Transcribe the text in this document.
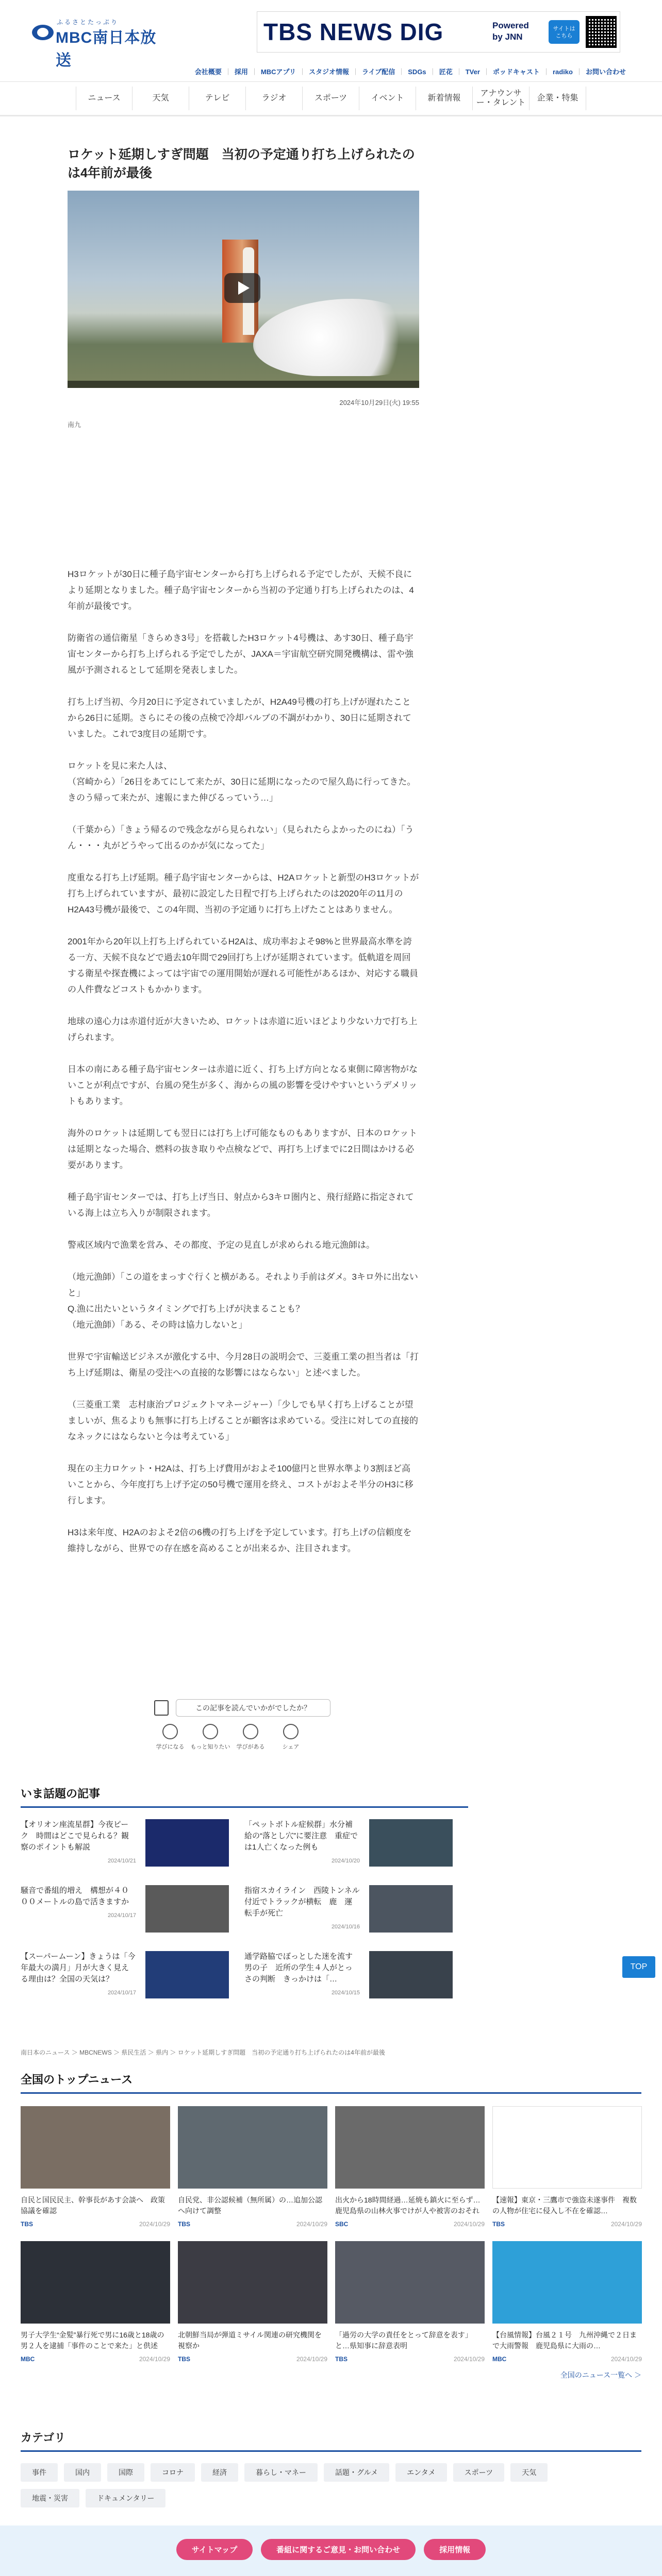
ふるさとたっぷり
MBC南日本放送
TBS NEWS DIG	Powered
by JNN
サイトは
こちら
会社概要	｜ 採用	｜ MBCアプリ	｜ スタジオ情報	｜ ライブ配信	｜ SDGs	｜ 匠花	｜ TVer	｜ ポッドキャスト	｜ radiko	｜ お問い合わせ
ニュース	天気	テレビ	ラジオ	スポーツ	イベント	新着情報
アナウンサー・タレント
企業・特集
ロケット延期しすぎ問題　当初の予定通り打ち上げられたのは4年前が最後
2024年10月29日(火) 19:55
南九

H3ロケットが30日に種子島宇宙センターから打ち上げられる予定でしたが、天候不良により延期となりました。種子島宇宙センターから当初の予定通り打ち上げられたのは、4年前が最後です。

防衛省の通信衛星「きらめき3号」を搭載したH3ロケット4号機は、あす30日、種子島宇宙センターから打ち上げられる予定でしたが、JAXA＝宇宙航空研究開発機構は、雷や強風が予測されるとして延期を発表しました。

打ち上げ当初、今月20日に予定されていましたが、H2A49号機の打ち上げが遅れたことから26日に延期。さらにその後の点検で冷却バルブの不調がわかり、30日に延期されていました。これで3度目の延期です。

ロケットを見に来た人は、
（宮崎から）「26日をあてにして来たが、30日に延期になったので屋久島に行ってきた。きのう帰って来たが、速報にまた伸びるっていう…」

（千葉から）「きょう帰るので残念ながら見られない」（見られたらよかったのにね）「うん・・・丸がどうやって出るのかが気になってた」

度重なる打ち上げ延期。種子島宇宙センターからは、H2Aロケットと新型のH3ロケットが打ち上げられていますが、最初に設定した日程で打ち上げられたのは2020年の11月のH2A43号機が最後で、この4年間、当初の予定通りに打ち上げたことはありません。

2001年から20年以上打ち上げられているH2Aは、成功率およそ98%と世界最高水準を誇る一方、天候不良などで過去10年間で29回打ち上げが延期されています。低軌道を周回する衛星や探査機によっては宇宙での運用開始が遅れる可能性があるほか、対応する職員の人件費などコストもかかります。

地球の遠心力は赤道付近が大きいため、ロケットは赤道に近いほどより少ない力で打ち上げられます。

日本の南にある種子島宇宙センターは赤道に近く、打ち上げ方向となる東側に障害物がないことが利点ですが、台風の発生が多く、海からの風の影響を受けやすいというデメリットもあります。

海外のロケットは延期しても翌日には打ち上げ可能なものもありますが、日本のロケットは延期となった場合、燃料の抜き取りや点検などで、再打ち上げまでに2日間はかける必要があります。

種子島宇宙センターでは、打ち上げ当日、射点から3キロ圏内と、飛行経路に指定されている海上は立ち入りが制限されます。

警戒区域内で漁業を営み、その都度、予定の見直しが求められる地元漁師は。

（地元漁師）「この道をまっすぐ行くと横がある。それより手前はダメ。3キロ外に出ないと」
Q.漁に出たいというタイミングで打ち上げが決まることも？
（地元漁師）「ある、その時は協力しないと」

世界で宇宙輸送ビジネスが激化する中、今月28日の説明会で、三菱重工業の担当者は「打ち上げ延期は、衛星の受注への直接的な影響にはならない」と述べました。

（三菱重工業　志村康治プロジェクトマネージャー）「少しでも早く打ち上げることが望ましいが、焦るよりも無事に打ち上げることが顧客は求めている。受注に対しての直接的なネックにはならないと今は考えている」

現在の主力ロケット・H2Aは、打ち上げ費用がおよそ100億円と世界水準より3割ほど高いことから、今年度打ち上げ予定の50号機で運用を終え、コストがおよそ半分のH3に移行します。

H3は来年度、H2Aのおよそ2倍の6機の打ち上げを予定しています。打ち上げの信頼度を維持しながら、世界での存在感を高めることが出来るか、注目されます。

この記事を読んでいかがでしたか？
学びになる	もっと知りたい	学びがある	シェア
いま話題の記事
【オリオン座流星群】今夜ピーク　時間はどこで見られる？観察のポイントも解説
2024/10/21
「ペットボトル症候群」水分補給の“落とし穴”に要注意　重症では1人亡くなった例も
2024/10/20
騒音で番組的増え　構想が４０００メートルの島で活きますか
2024/10/17
指宿スカイライン　西陵トンネル付近でトラックが横転　鹿　運転手が死亡
2024/10/16
【スーパームーン】きょうは「今年最大の満月」月が大きく見える理由は？全国の天気は？
2024/10/17
通学路脇でぼっとした迷を流す男の子　近所の学生４人がとっさの判断　きっかけは「…
2024/10/15
TOP
南日本のニュース ＞ MBCNEWS ＞ 県民生活 ＞ 県内 ＞ ロケット延期しすぎ問題　当初の予定通り打ち上げられたのは4年前が最後
全国のトップニュース
自民と国民民主、幹事長があす会談へ　政策協議を確認
TBS	2024/10/29
自民党、非公認候補（無所属）の…追加公認へ向けて調整
TBS	2024/10/29
出火から18時間経過…延焼も鎮火に至らず…鹿児島県の山林火事でけが人や被害のおそれ
SBC	2024/10/29
【速報】東京・三鷹市で強盗未遂事件　複数の人物が住宅に侵入し不在を確認…
TBS	2024/10/29
男子大学生“金髪”暴行死で男に16歳と18歳の男２人を逮捕「事件のことで来た」と供述　
MBC	2024/10/29
北朝鮮当局が弾道ミサイル関連の研究機関を視察か
TBS	2024/10/29
「過労の大学の責任をとって辞意を表す」と…県知事に辞意表明
TBS	2024/10/29
【台風情報】台風２１号　九州沖縄で２日まで大雨警報　鹿児島県に大雨の…
MBC	2024/10/29
全国のニュース一覧へ ＞
カテゴリ
事件	国内	国際	コロナ	経済	暮らし・マネー	話題・グルメ	エンタメ	スポーツ	天気
地震・災害	ドキュメンタリー
サイトマップ	番組に関するご意見・お問い合わせ	採用情報
